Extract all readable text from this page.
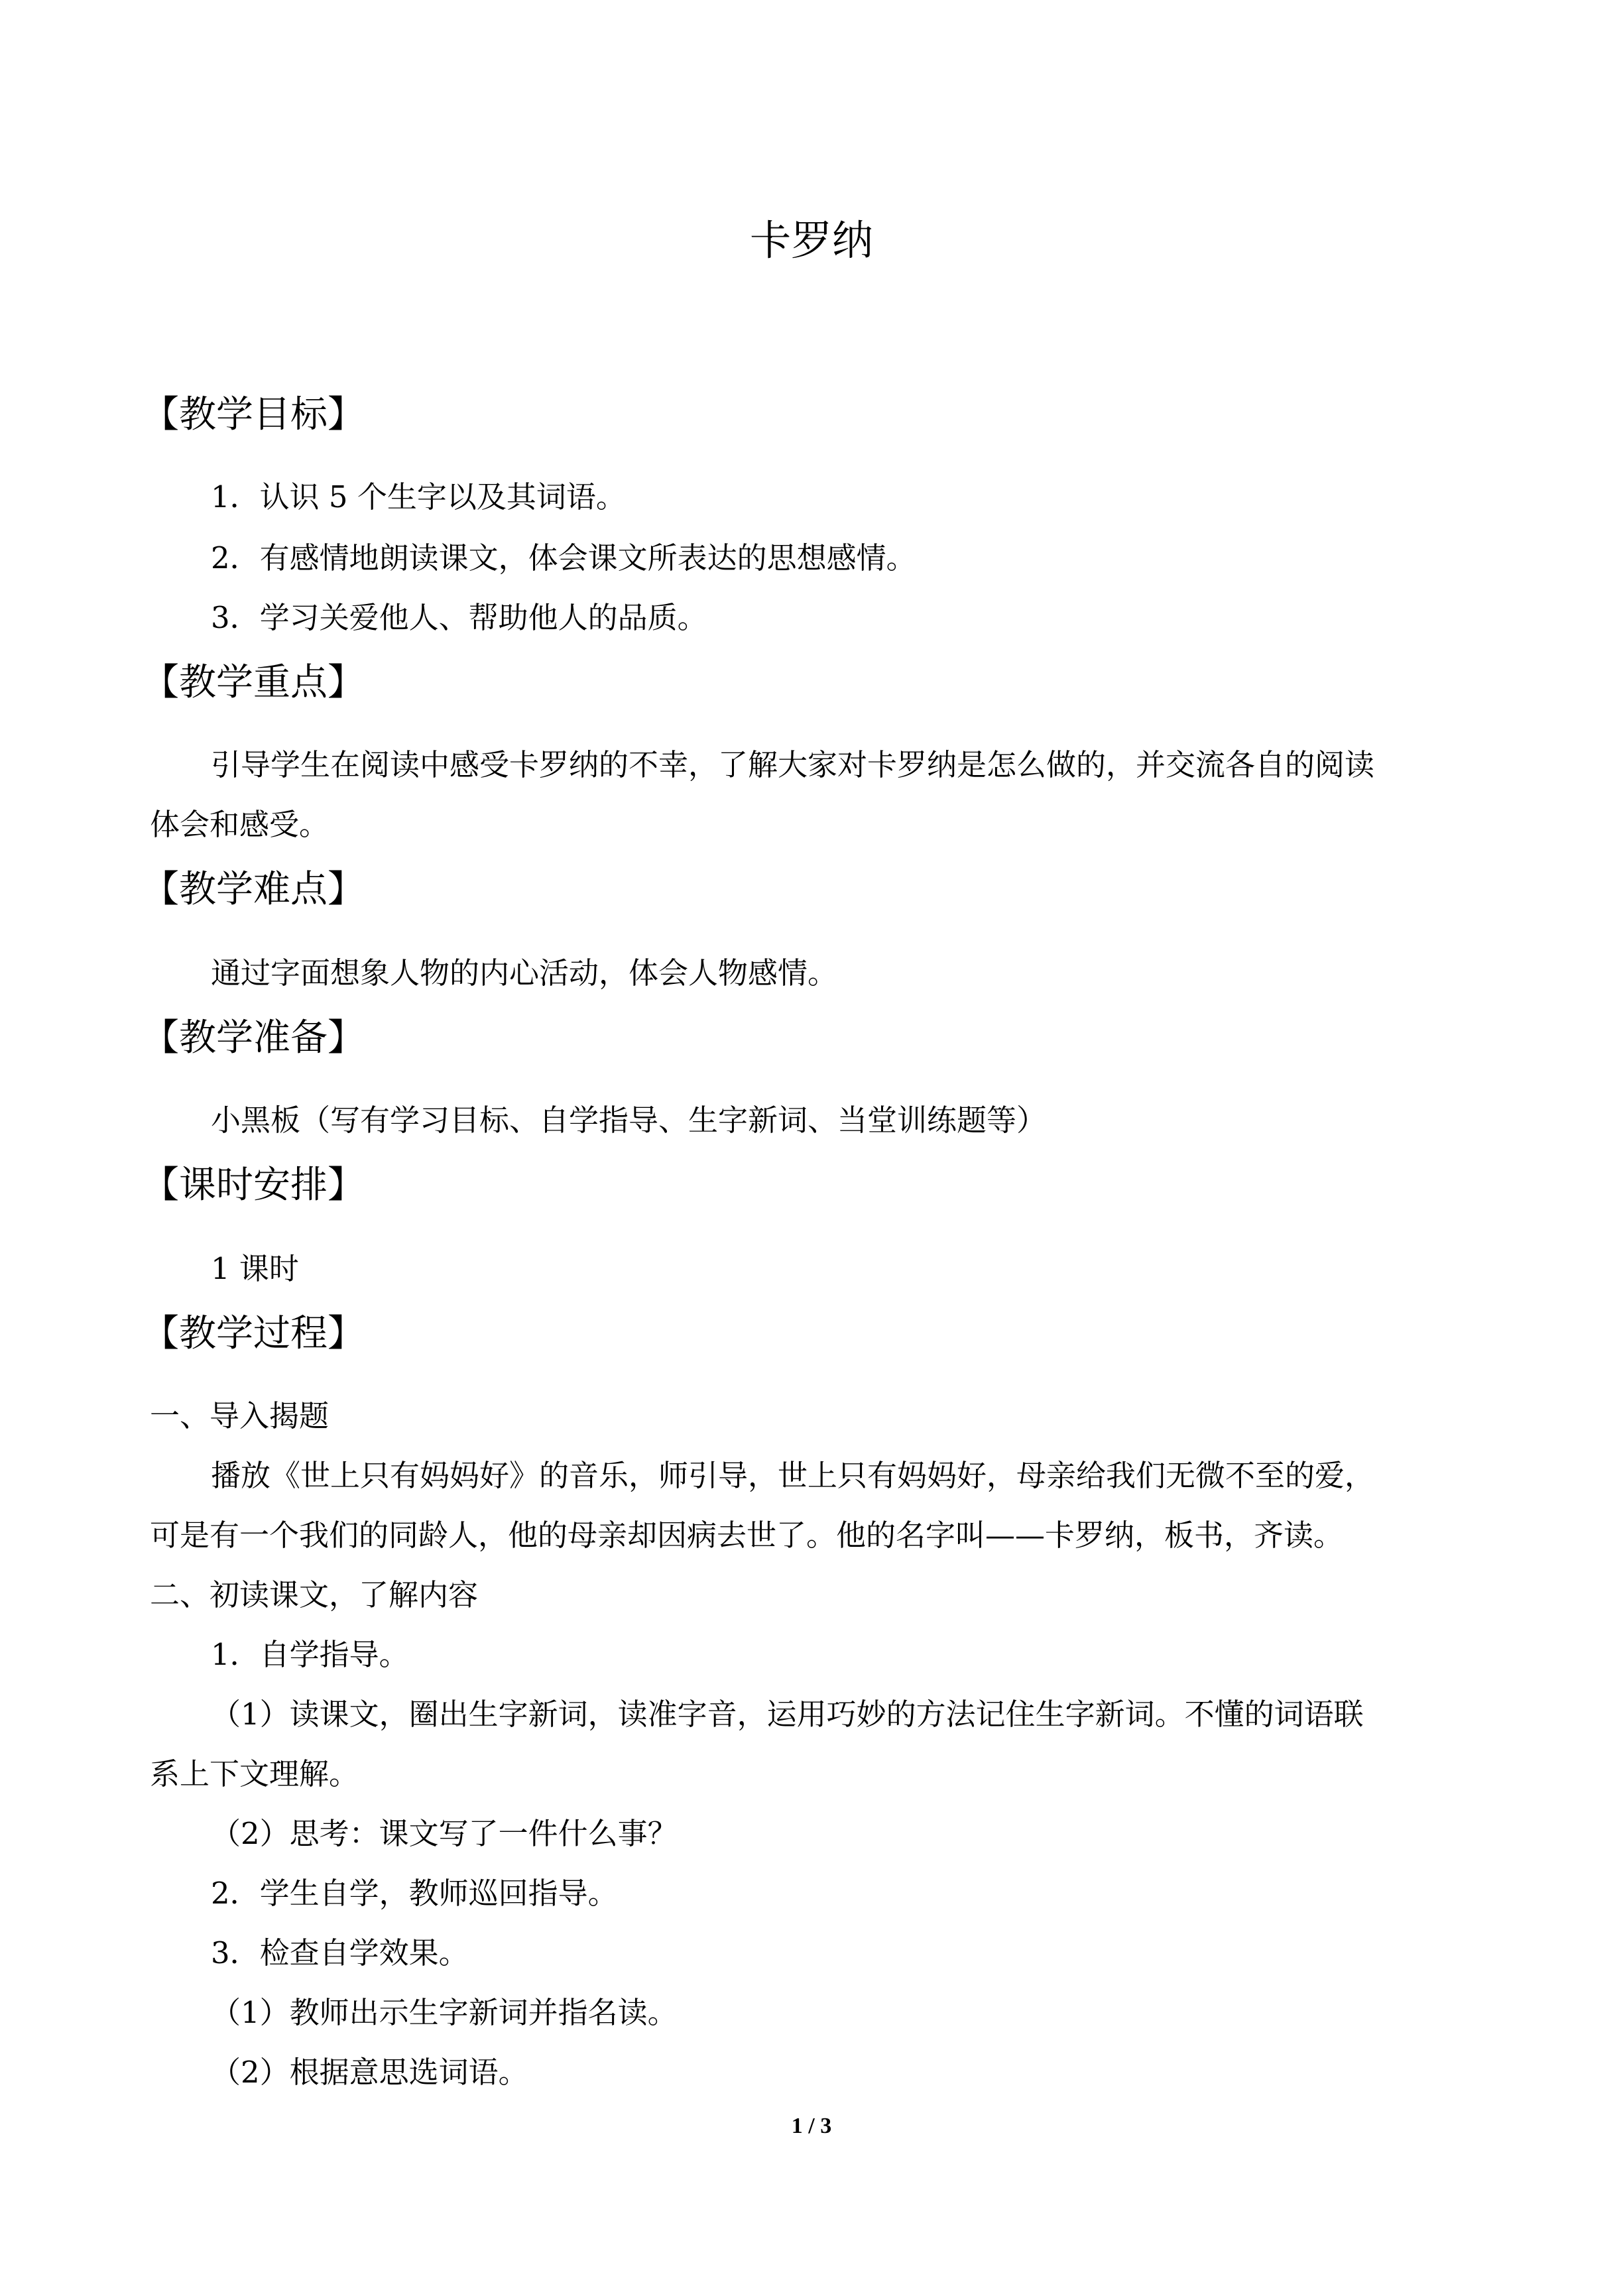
卡罗纳
【教学目标】
1．认识 5 个生字以及其词语。
2．有感情地朗读课文，体会课文所表达的思想感情。
3．学习关爱他人、帮助他人的品质。
【教学重点】
引导学生在阅读中感受卡罗纳的不幸，了解大家对卡罗纳是怎么做的，并交流各自的阅读
体会和感受。
【教学难点】
通过字面想象人物的内心活动，体会人物感情。
【教学准备】
小黑板（写有学习目标、自学指导、生字新词、当堂训练题等）
【课时安排】
1 课时
【教学过程】
一、导入揭题
播放《世上只有妈妈好》的音乐，师引导，世上只有妈妈好，母亲给我们无微不至的爱，
可是有一个我们的同龄人，他的母亲却因病去世了。他的名字叫——卡罗纳，板书，齐读。
二、初读课文，了解内容
1．自学指导。
（1）读课文，圈出生字新词，读准字音，运用巧妙的方法记住生字新词。不懂的词语联
系上下文理解。
（2）思考：课文写了一件什么事？
2．学生自学，教师巡回指导。
3．检查自学效果。
（1）教师出示生字新词并指名读。
（2）根据意思选词语。
1 / 3
